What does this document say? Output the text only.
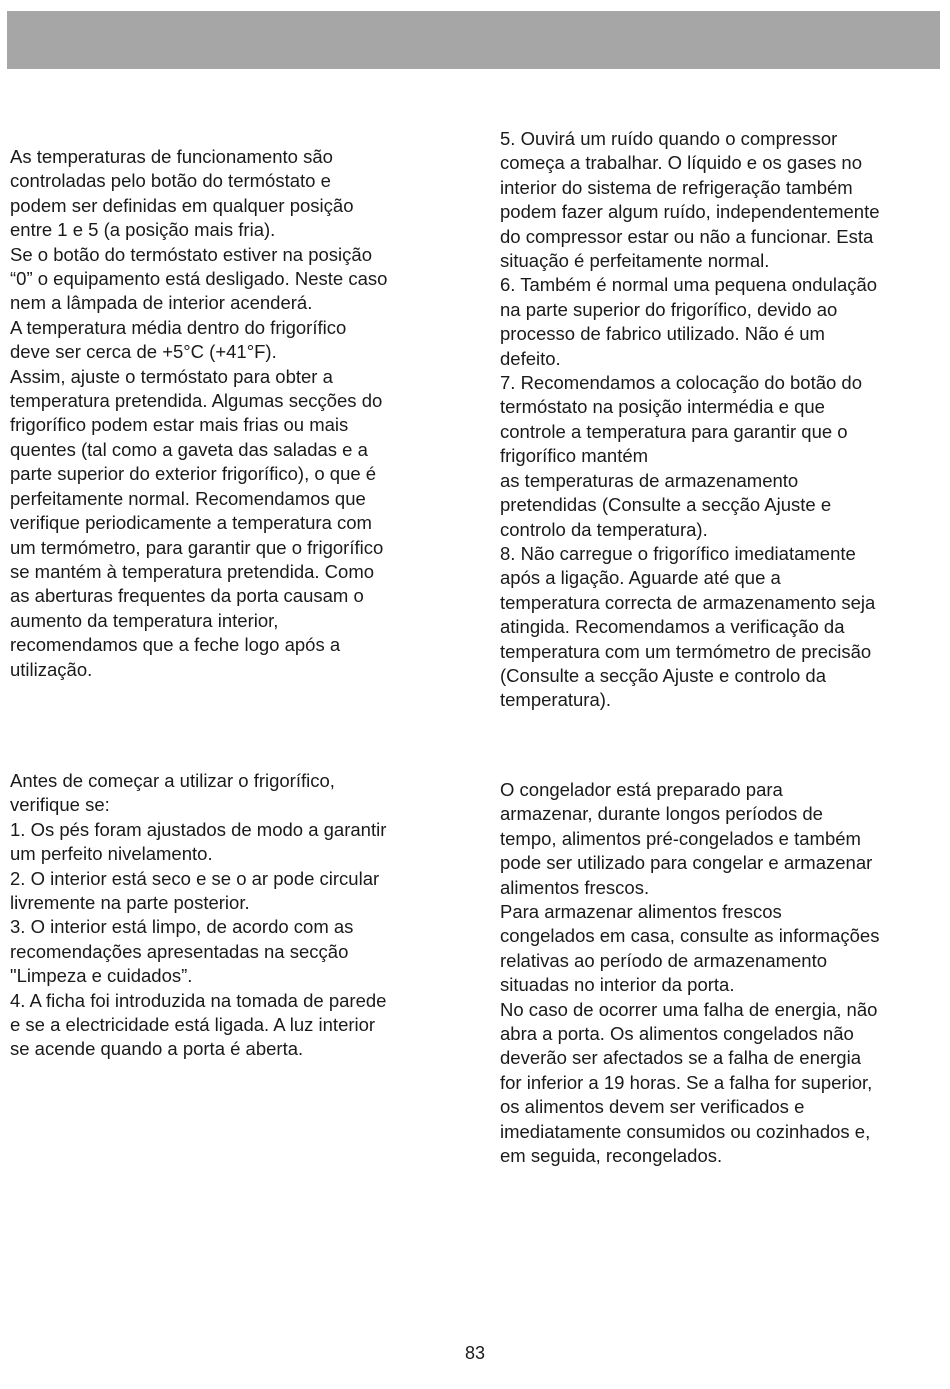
As temperaturas de funcionamento são
controladas pelo botão do termóstato e
podem ser definidas em qualquer posição
entre 1 e 5 (a posição mais fria).
Se o botão do termóstato estiver na posição
“0” o equipamento está desligado. Neste caso
nem a lâmpada de interior acenderá.
A temperatura média dentro do frigorífico
deve ser cerca de +5°C (+41°F).
Assim, ajuste o termóstato para obter a
temperatura pretendida. Algumas secções do
frigorífico podem estar mais frias ou mais
quentes (tal como a gaveta das saladas e a
parte superior do exterior frigorífico), o que é
perfeitamente normal. Recomendamos que
verifique periodicamente a temperatura com
um termómetro, para garantir que o frigorífico
se mantém à temperatura pretendida. Como
as aberturas frequentes da porta causam o
aumento da temperatura interior,
recomendamos que a feche logo após a
utilização.
5. Ouvirá um ruído quando o compressor
começa a trabalhar. O líquido e os gases no
interior do sistema de refrigeração também
podem fazer algum ruído, independentemente
do compressor estar ou não a funcionar. Esta
situação é perfeitamente normal.
6. Também é normal uma pequena ondulação
na parte superior do frigorífico, devido ao
processo de fabrico utilizado. Não é um
defeito.
7. Recomendamos a colocação do botão do
termóstato na posição intermédia e que
controle a temperatura para garantir que o
frigorífico mantém
as temperaturas de armazenamento
pretendidas (Consulte a secção Ajuste e
controlo da temperatura).
8. Não carregue o frigorífico imediatamente
após a ligação. Aguarde até que a
temperatura correcta de armazenamento seja
atingida. Recomendamos a verificação da
temperatura com um termómetro de precisão
(Consulte a secção Ajuste e controlo da
temperatura).
Antes de começar a utilizar o frigorífico,
verifique se:
1. Os pés foram ajustados de modo a garantir
um perfeito nivelamento.
2. O interior está seco e se o ar pode circular
livremente na parte posterior.
3. O interior está limpo, de acordo com as
recomendações apresentadas na secção
"Limpeza e cuidados”.
4. A ficha foi introduzida na tomada de parede
e se a electricidade está ligada. A luz interior
se acende quando a porta é aberta.
O congelador está preparado para
armazenar, durante longos períodos de
tempo, alimentos pré-congelados e também
pode ser utilizado para congelar e armazenar
alimentos frescos.
Para armazenar alimentos frescos
congelados em casa, consulte as informações
relativas ao período de armazenamento
situadas no interior da porta.
No caso de ocorrer uma falha de energia, não
abra a porta. Os alimentos congelados não
deverão ser afectados se a falha de energia
for inferior a 19 horas. Se a falha for superior,
os alimentos devem ser verificados e
imediatamente consumidos ou cozinhados e,
em seguida, recongelados.
83
